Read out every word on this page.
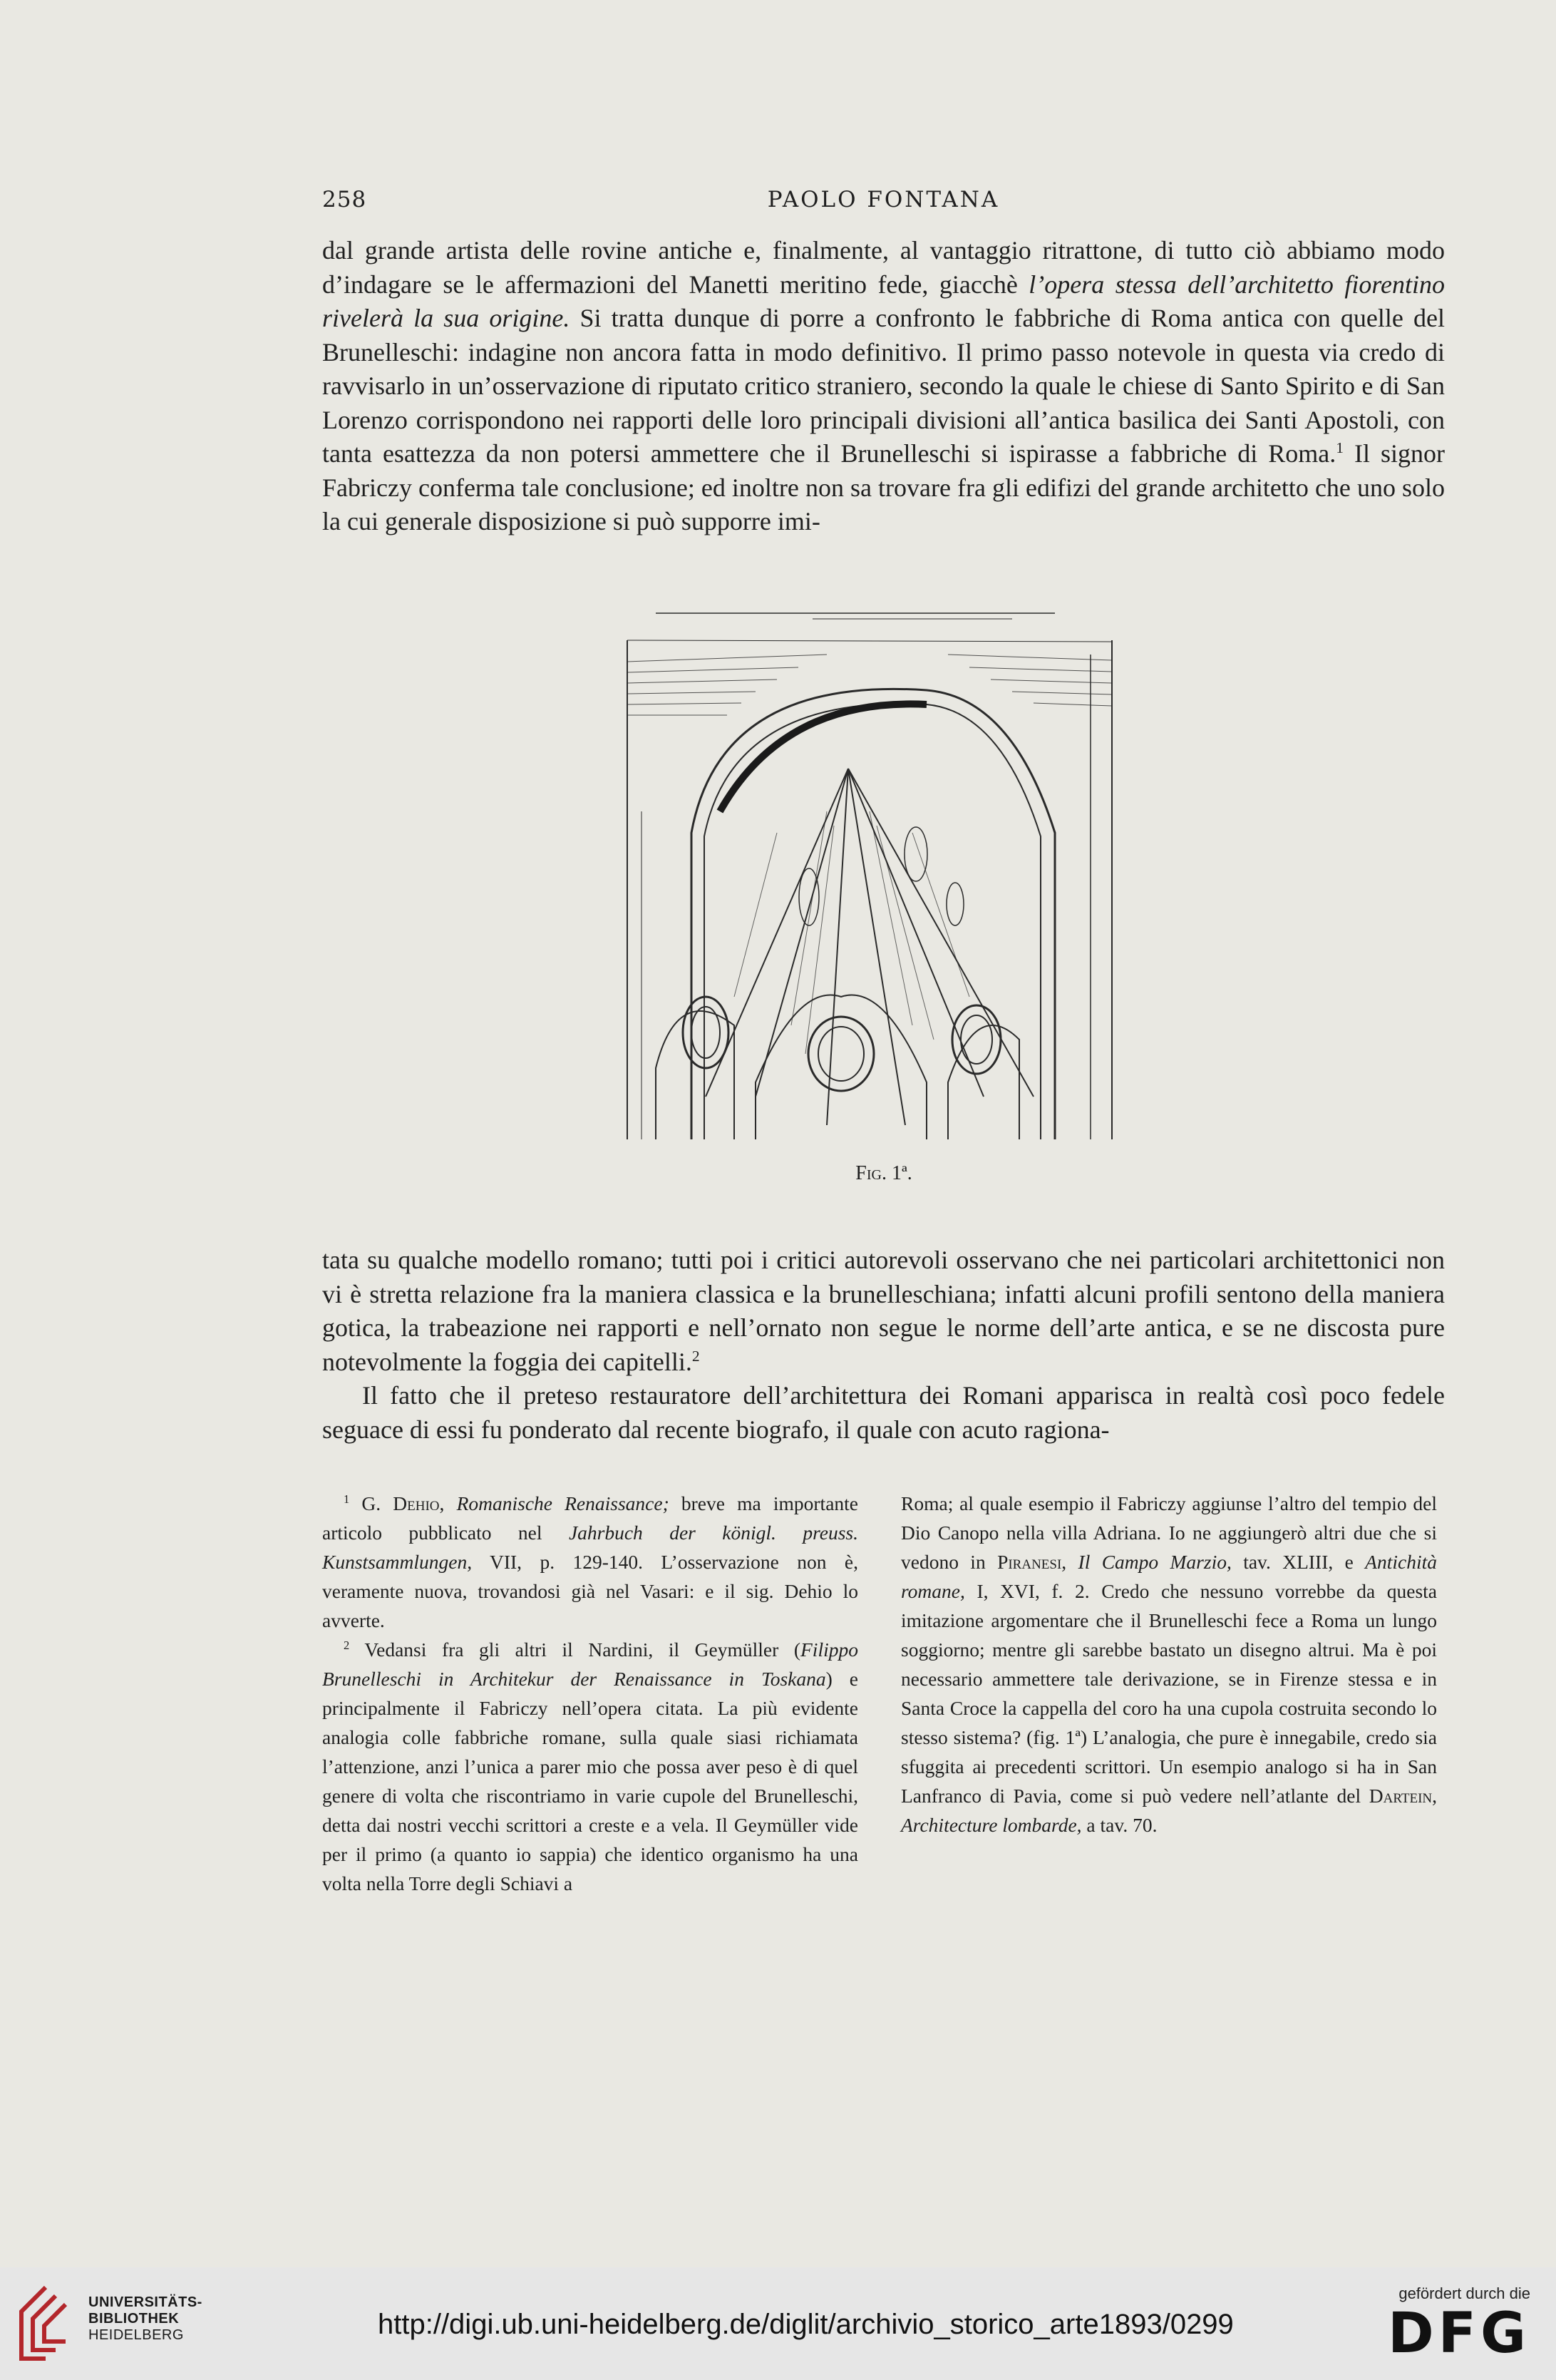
258	PAOLO FONTANA

dal grande artista delle rovine antiche e, finalmente, al vantaggio ritrattone, di tutto ciò abbiamo modo d’indagare se le affermazioni del Manetti meritino fede, giacchè l’opera stessa dell’architetto fiorentino rivelerà la sua origine. Si tratta dunque di porre a confronto le fabbriche di Roma antica con quelle del Brunelleschi: indagine non ancora fatta in modo definitivo. Il primo passo notevole in questa via credo di ravvisarlo in un’osservazione di riputato critico straniero, secondo la quale le chiese di Santo Spirito e di San Lorenzo corrispondono nei rapporti delle loro principali divisioni all’antica basilica dei Santi Apostoli, con tanta esattezza da non potersi ammettere che il Brunelleschi si ispirasse a fabbriche di Roma.$^1$ Il signor Fabriczy conferma tale conclusione; ed inoltre non sa trovare fra gli edifizi del grande architetto che uno solo la cui generale disposizione si può supporre imi-

Fig. 1ª.

tata su qualche modello romano; tutti poi i critici autorevoli osservano che nei particolari architettonici non vi è stretta relazione fra la maniera classica e la brunelleschiana; infatti alcuni profili sentono della maniera gotica, la trabeazione nei rapporti e nell’ornato non segue le norme dell’arte antica, e se ne discosta pure notevolmente la foggia dei capitelli.$^2$

Il fatto che il preteso restauratore dell’architettura dei Romani apparisca in realtà così poco fedele seguace di essi fu ponderato dal recente biografo, il quale con acuto ragiona-

$^1$ G. Dehio, Romanische Renaissance; breve ma importante articolo pubblicato nel Jahrbuch der königl. preuss. Kunstsammlungen, VII, p. 129-140. L’osservazione non è, veramente nuova, trovandosi già nel Vasari: e il sig. Dehio lo avverte.

$^2$ Vedansi fra gli altri il Nardini, il Geymüller (Filippo Brunelleschi in Architekur der Renaissance in Toskana) e principalmente il Fabriczy nell’opera citata. La più evidente analogia colle fabbriche romane, sulla quale siasi richiamata l’attenzione, anzi l’unica a parer mio che possa aver peso è di quel genere di volta che riscontriamo in varie cupole del Brunelleschi, detta dai nostri vecchi scrittori a creste e a vela. Il Geymüller vide per il primo (a quanto io sappia) che identico organismo ha una volta nella Torre degli Schiavi a

Roma; al quale esempio il Fabriczy aggiunse l’altro del tempio del Dio Canopo nella villa Adriana. Io ne aggiungerò altri due che si vedono in Piranesi, Il Campo Marzio, tav. XLIII, e Antichità romane, I, XVI, f. 2. Credo che nessuno vorrebbe da questa imitazione argomentare che il Brunelleschi fece a Roma un lungo soggiorno; mentre gli sarebbe bastato un disegno altrui. Ma è poi necessario ammettere tale derivazione, se in Firenze stessa e in Santa Croce la cappella del coro ha una cupola costruita secondo lo stesso sistema? (fig. 1ª) L’analogia, che pure è innegabile, credo sia sfuggita ai precedenti scrittori. Un esempio analogo si ha in San Lanfranco di Pavia, come si può vedere nell’atlante del Dartein, Architecture lombarde, a tav. 70.

UNIVERSITÄTS-
BIBLIOTHEK
HEIDELBERG	http://digi.ub.uni-heidelberg.de/diglit/archivio_storico_arte1893/0299
gefördert durch die
DFG
